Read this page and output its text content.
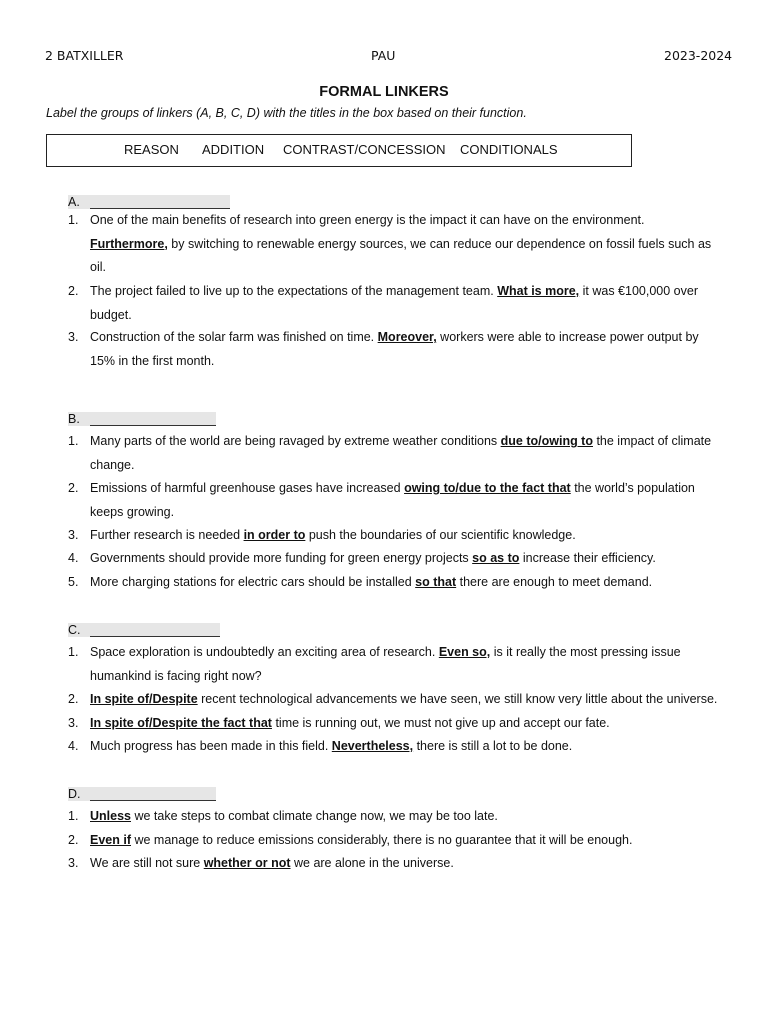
2 BATXILLER	PAU	2023-2024
FORMAL LINKERS
Label the groups of linkers (A, B, C, D) with the titles in the box based on their function.
REASON ADDITION CONTRAST/CONCESSION CONDITIONALS
A.
1. One of the main benefits of research into green energy is the impact it can have on the environment. Furthermore, by switching to renewable energy sources, we can reduce our dependence on fossil fuels such as oil.
2. The project failed to live up to the expectations of the management team. What is more, it was €100,000 over budget.
3. Construction of the solar farm was finished on time. Moreover, workers were able to increase power output by 15% in the first month.
B.
1. Many parts of the world are being ravaged by extreme weather conditions due to/owing to the impact of climate change.
2. Emissions of harmful greenhouse gases have increased owing to/due to the fact that the world’s population keeps growing.
3. Further research is needed in order to push the boundaries of our scientific knowledge.
4. Governments should provide more funding for green energy projects so as to increase their efficiency.
5. More charging stations for electric cars should be installed so that there are enough to meet demand.
C.
1. Space exploration is undoubtedly an exciting area of research. Even so, is it really the most pressing issue humankind is facing right now?
2. In spite of/Despite recent technological advancements we have seen, we still know very little about the universe.
3. In spite of/Despite the fact that time is running out, we must not give up and accept our fate.
4. Much progress has been made in this field. Nevertheless, there is still a lot to be done.
D.
1. Unless we take steps to combat climate change now, we may be too late.
2. Even if we manage to reduce emissions considerably, there is no guarantee that it will be enough.
3. We are still not sure whether or not we are alone in the universe.
